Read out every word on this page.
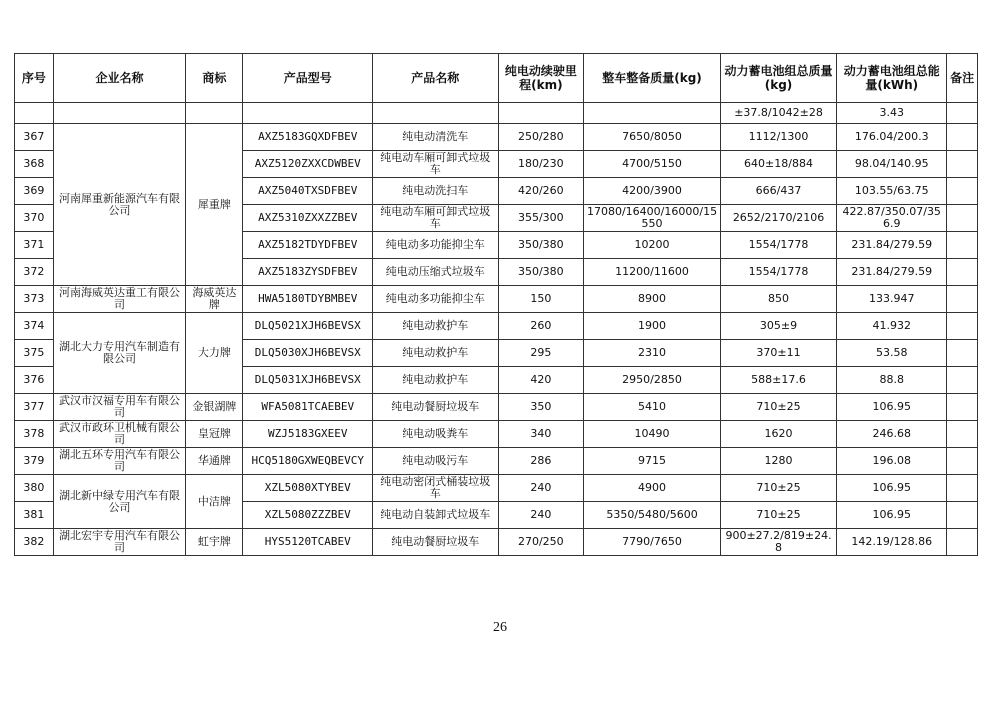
序号	企业名称	商标	产品型号	产品名称	纯电动续驶里程(km)	整车整备质量(kg)	动力蓄电池组总质量(kg)	动力蓄电池组总能量(kWh)	备注
							±37.8/1042±28	3.43	
367	河南犀重新能源汽车有限公司	犀重牌	AXZ5183GQXDFBEV	纯电动清洗车	250/280	7650/8050	1112/1300	176.04/200.3	
368			AXZ5120ZXXCDWBEV	纯电动车厢可卸式垃圾车	180/230	4700/5150	640±18/884	98.04/140.95	
369			AXZ5040TXSDFBEV	纯电动洗扫车	420/260	4200/3900	666/437	103.55/63.75	
370			AXZ5310ZXXZZBEV	纯电动车厢可卸式垃圾车	355/300	17080/16400/16000/15550	2652/2170/2106	422.87/350.07/356.9	
371			AXZ5182TDYDFBEV	纯电动多功能抑尘车	350/380	10200	1554/1778	231.84/279.59	
372			AXZ5183ZYSDFBEV	纯电动压缩式垃圾车	350/380	11200/11600	1554/1778	231.84/279.59	
373	河南海威英达重工有限公司	海威英达牌	HWA5180TDYBMBEV	纯电动多功能抑尘车	150	8900	850	133.947	
374	湖北大力专用汽车制造有限公司	大力牌	DLQ5021XJH6BEVSX	纯电动救护车	260	1900	305±9	41.932	
375			DLQ5030XJH6BEVSX	纯电动救护车	295	2310	370±11	53.58	
376			DLQ5031XJH6BEVSX	纯电动救护车	420	2950/2850	588±17.6	88.8	
377	武汉市汉福专用车有限公司	金银湖牌	WFA5081TCAEBEV	纯电动餐厨垃圾车	350	5410	710±25	106.95	
378	武汉市政环卫机械有限公司	皇冠牌	WZJ5183GXEEV	纯电动吸粪车	340	10490	1620	246.68	
379	湖北五环专用汽车有限公司	华通牌	HCQ5180GXWEQBEVCY	纯电动吸污车	286	9715	1280	196.08	
380	湖北新中绿专用汽车有限公司	中洁牌	XZL5080XTYBEV	纯电动密闭式桶装垃圾车	240	4900	710±25	106.95	
381			XZL5080ZZZBEV	纯电动自装卸式垃圾车	240	5350/5480/5600	710±25	106.95	
382	湖北宏宇专用汽车有限公司	虹宇牌	HYS5120TCABEV	纯电动餐厨垃圾车	270/250	7790/7650	900±27.2/819±24.8	142.19/128.86	
26
